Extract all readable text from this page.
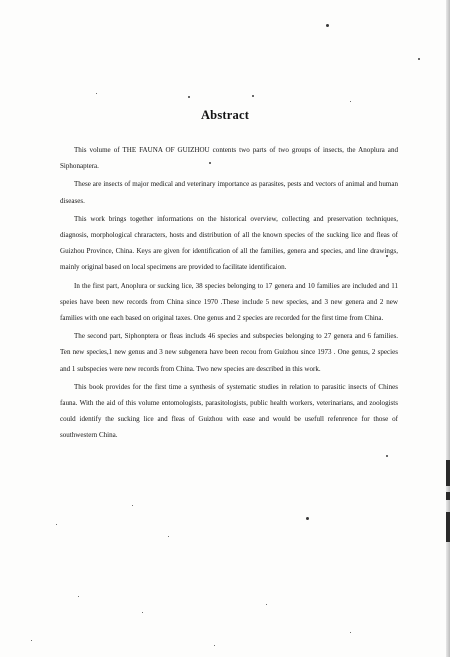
Abstract

This volume of THE FAUNA OF GUIZHOU contents two parts of two groups of insects, the Anoplura and Siphonaptera.

These are insects of major medical and veterinary importance as parasites, pests and vectors of animal and human diseases.

This work brings together informations on the historical overview, collecting and preservation techniques, diagnosis, morphological chraracters, hosts and distribution of all the known species of the sucking lice and fleas of Guizhou Province, China. Keys are given for identification of all the families, genera and species, and line drawings, mainly original based on local specimens are provided to facilitate identificaion.

In the first part, Anoplura or sucking lice, 38 species belonging to 17 genera and 10 families are included and 11 speies have been new records from China since 1970 .These include 5 new species, and 3 new genera and 2 new families with one each based on original taxes. One genus and 2 species are recorded for the first time from China.

The second part, Siphonptera or fleas includs 46 species and subspecies belonging to 27 genera and 6 families. Ten new species,1 new genus and 3 new subgenera have been recou from Guizhou since 1973 . One genus, 2 species and 1 subspecies were new records from China. Two new species are described in this work.

This book provides for the first time a synthesis of systematic studies in relation to parasitic insects of Chines fauna. With the aid of this volume entomologists, parasitologists, public health workers, veterinarians, and zoologists could identify the sucking lice and fleas of Guizhou with ease and would be usefull refenrence for those of southwestern China.
